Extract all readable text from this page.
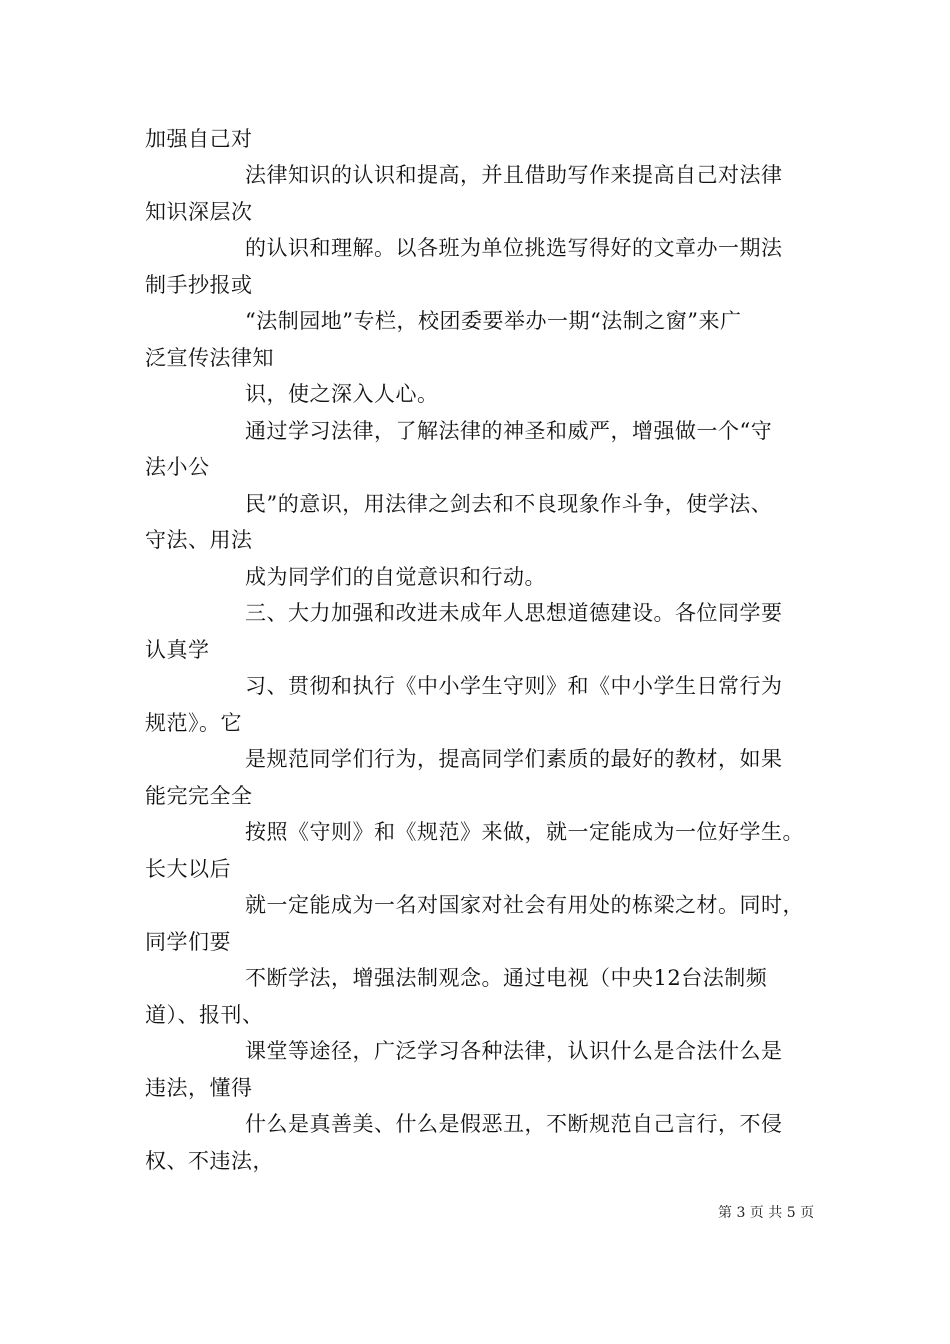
加强自己对
法律知识的认识和提高，并且借助写作来提高自己对法律
知识深层次
的认识和理解。以各班为单位挑选写得好的文章办一期法
制手抄报或
“法制园地”专栏，校团委要举办一期“法制之窗”来广
泛宣传法律知
识，使之深入人心。
通过学习法律，了解法律的神圣和威严，增强做一个“守
法小公
民”的意识，用法律之剑去和不良现象作斗争，使学法、
守法、用法
成为同学们的自觉意识和行动。
三、大力加强和改进未成年人思想道德建设。各位同学要
认真学
习、贯彻和执行《中小学生守则》和《中小学生日常行为
规范》。它
是规范同学们行为，提高同学们素质的最好的教材，如果
能完完全全
按照《守则》和《规范》来做，就一定能成为一位好学生。
长大以后
就一定能成为一名对国家对社会有用处的栋梁之材。同时，
同学们要
不断学法，增强法制观念。通过电视（中央12台法制频
道）、报刊、
课堂等途径，广泛学习各种法律，认识什么是合法什么是
违法，懂得
什么是真善美、什么是假恶丑，不断规范自己言行，不侵
权、不违法，
第 3 页 共 5 页
